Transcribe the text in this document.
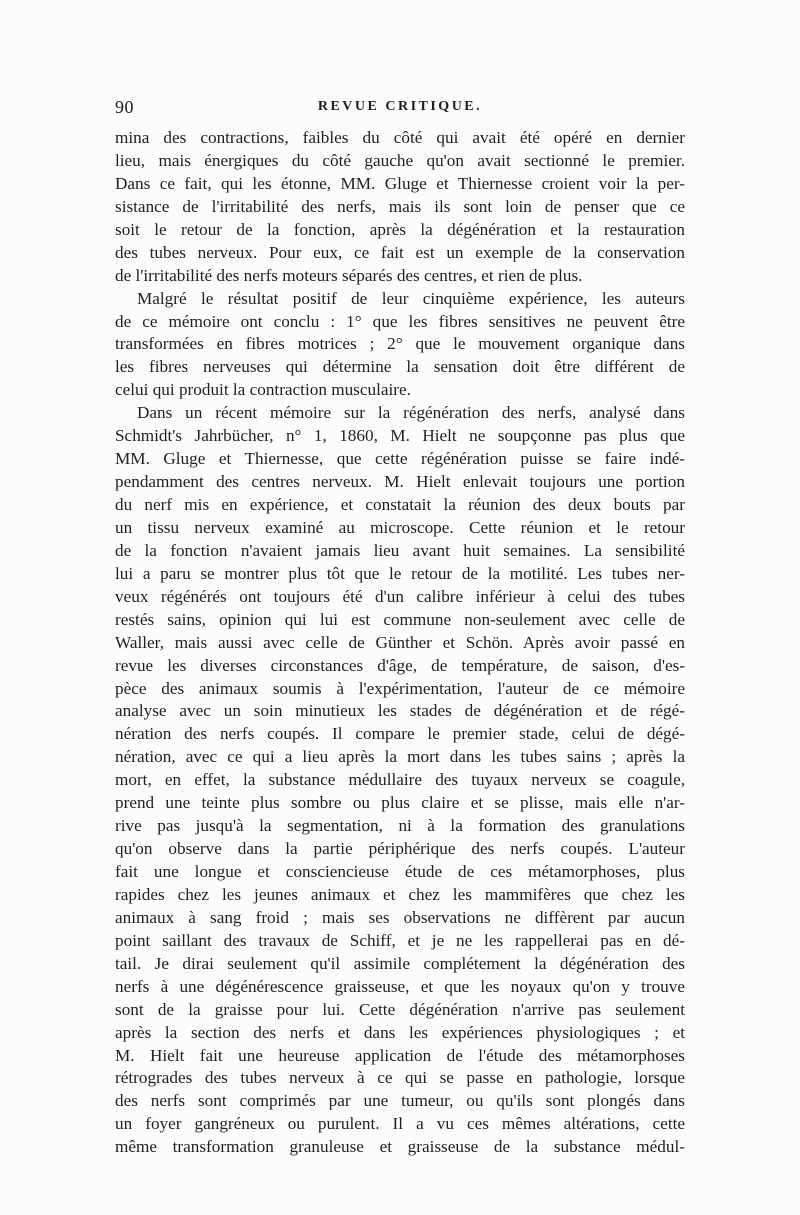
90	REVUE CRITIQUE.
mina des contractions, faibles du côté qui avait été opéré en dernier
lieu, mais énergiques du côté gauche qu'on avait sectionné le premier.
Dans ce fait, qui les étonne, MM. Gluge et Thiernesse croient voir la per-
sistance de l'irritabilité des nerfs, mais ils sont loin de penser que ce
soit le retour de la fonction, après la dégénération et la restauration
des tubes nerveux. Pour eux, ce fait est un exemple de la conservation
de l'irritabilité des nerfs moteurs séparés des centres, et rien de plus.
Malgré le résultat positif de leur cinquième expérience, les auteurs
de ce mémoire ont conclu : 1° que les fibres sensitives ne peuvent être
transformées en fibres motrices ; 2° que le mouvement organique dans
les fibres nerveuses qui détermine la sensation doit être différent de
celui qui produit la contraction musculaire.
Dans un récent mémoire sur la régénération des nerfs, analysé dans
Schmidt's Jahrbücher, n° 1, 1860, M. Hielt ne soupçonne pas plus que
MM. Gluge et Thiernesse, que cette régénération puisse se faire indé-
pendamment des centres nerveux. M. Hielt enlevait toujours une portion
du nerf mis en expérience, et constatait la réunion des deux bouts par
un tissu nerveux examiné au microscope. Cette réunion et le retour
de la fonction n'avaient jamais lieu avant huit semaines. La sensibilité
lui a paru se montrer plus tôt que le retour de la motilité. Les tubes ner-
veux régénérés ont toujours été d'un calibre inférieur à celui des tubes
restés sains, opinion qui lui est commune non-seulement avec celle de
Waller, mais aussi avec celle de Günther et Schön. Après avoir passé en
revue les diverses circonstances d'âge, de température, de saison, d'es-
pèce des animaux soumis à l'expérimentation, l'auteur de ce mémoire
analyse avec un soin minutieux les stades de dégénération et de régé-
nération des nerfs coupés. Il compare le premier stade, celui de dégé-
nération, avec ce qui a lieu après la mort dans les tubes sains ; après la
mort, en effet, la substance médullaire des tuyaux nerveux se coagule,
prend une teinte plus sombre ou plus claire et se plisse, mais elle n'ar-
rive pas jusqu'à la segmentation, ni à la formation des granulations
qu'on observe dans la partie périphérique des nerfs coupés. L'auteur
fait une longue et consciencieuse étude de ces métamorphoses, plus
rapides chez les jeunes animaux et chez les mammifères que chez les
animaux à sang froid ; mais ses observations ne diffèrent par aucun
point saillant des travaux de Schiff, et je ne les rappellerai pas en dé-
tail. Je dirai seulement qu'il assimile complétement la dégénération des
nerfs à une dégénérescence graisseuse, et que les noyaux qu'on y trouve
sont de la graisse pour lui. Cette dégénération n'arrive pas seulement
après la section des nerfs et dans les expériences physiologiques ; et
M. Hielt fait une heureuse application de l'étude des métamorphoses
rétrogrades des tubes nerveux à ce qui se passe en pathologie, lorsque
des nerfs sont comprimés par une tumeur, ou qu'ils sont plongés dans
un foyer gangréneux ou purulent. Il a vu ces mêmes altérations, cette
même transformation granuleuse et graisseuse de la substance médul-
